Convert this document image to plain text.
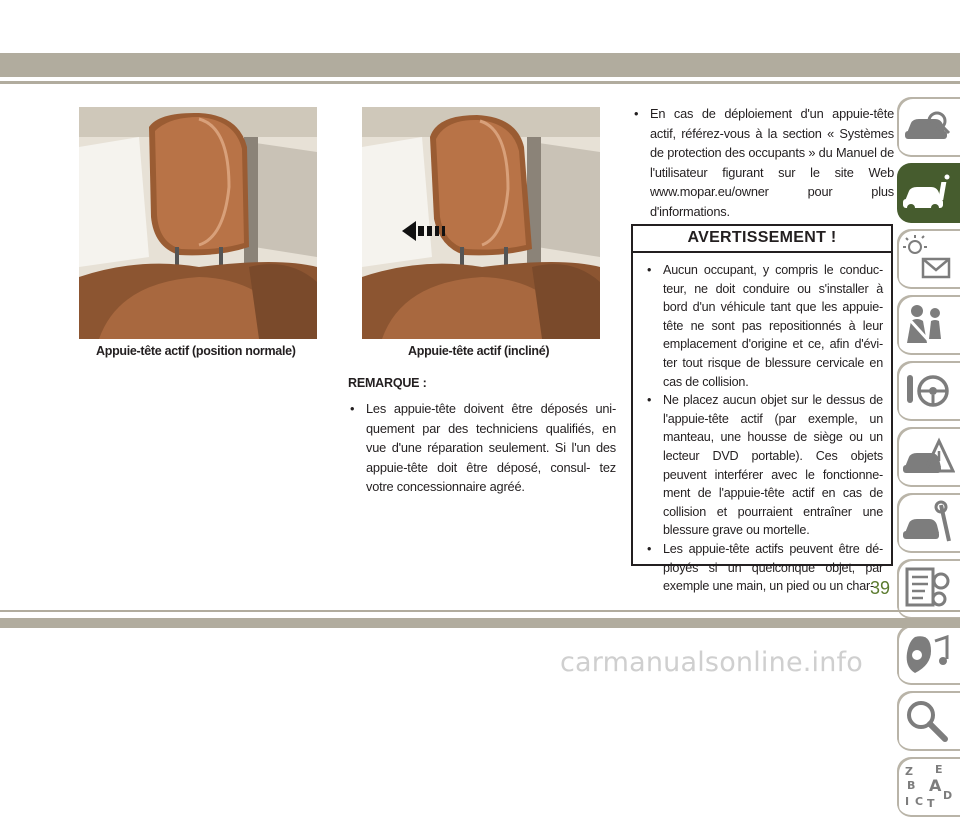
Appuie-tête actif (position normale)	Appuie-tête actif (incliné)
REMARQUE :
• Les appuie-tête doivent être déposés uni- quement par des techniciens qualifiés, en vue d'une réparation seulement. Si l'un des appuie-tête doit être déposé, consul- tez votre concessionnaire agréé.
• En cas de déploiement d'un appuie-tête actif, référez-vous à la section « Systèmes de protection des occupants » du Manuel de l'utilisateur figurant sur le site Web www.mopar.eu/owner pour plus d'informations.
AVERTISSEMENT !
• Aucun occupant, y compris le conduc- teur, ne doit conduire ou s'installer à bord d'un véhicule tant que les appuie- tête ne sont pas repositionnés à leur emplacement d'origine et ce, afin d'évi- ter tout risque de blessure cervicale en cas de collision.
• Ne placez aucun objet sur le dessus de l'appuie-tête actif (par exemple, un manteau, une housse de siège ou un lecteur DVD portable). Ces objets peuvent interférer avec le fonctionne- ment de l'appuie-tête actif en cas de collision et pourraient entraîner une blessure grave ou mortelle.
• Les appuie-tête actifs peuvent être dé- ployés si un quelconque objet, par exemple une main, un pied ou un char-
Z E
B A
D
I C T
39
carmanualsonline.info
